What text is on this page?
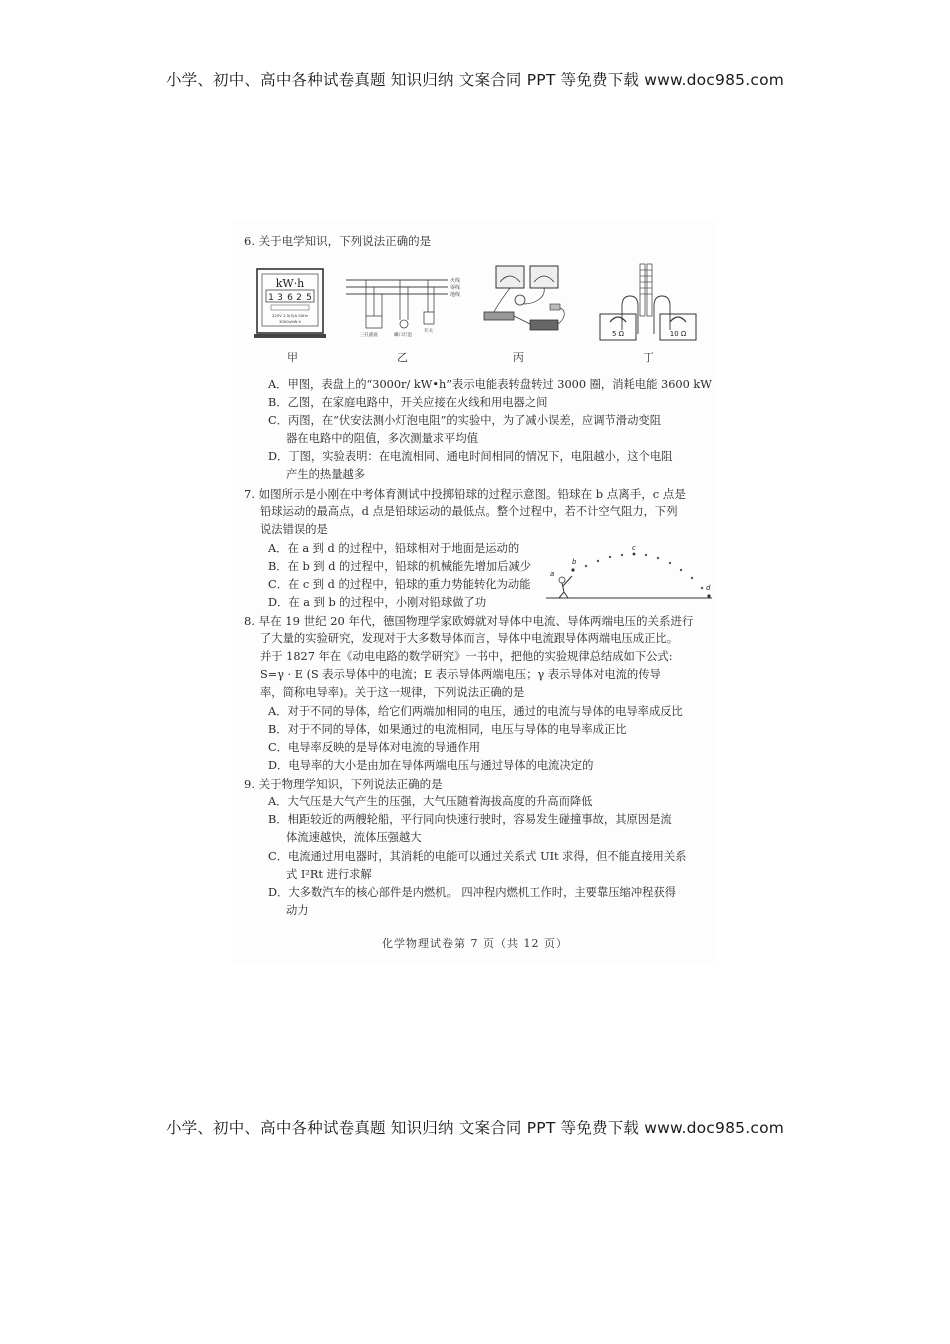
小学、初中、高中各种试卷真题 知识归纳 文案合同 PPT 等免费下载 www.doc985.com
6. 关于电学知识，下列说法正确的是
kW·h
1 3 6 2 5
220V 2.5(5)A 50Hz
3000r/kW·h
火线
零线
地线
三孔插座	螺口灯泡
开关	5 Ω	10 Ω
甲	乙	丙	丁
A．甲图，表盘上的“3000r/ kW•h”表示电能表转盘转过 3000 圈，消耗电能 3600 kW
B．乙图，在家庭电路中，开关应接在火线和用电器之间
C．丙图，在“伏安法测小灯泡电阻”的实验中，为了减小误差，应调节滑动变阻
器在电路中的阻值，多次测量求平均值
D．丁图，实验表明：在电流相同、通电时间相同的情况下，电阻越小，这个电阻
产生的热量越多
7. 如图所示是小刚在中考体育测试中投掷铅球的过程示意图。铅球在 b 点离手，c 点是
铅球运动的最高点，d 点是铅球运动的最低点。整个过程中，若不计空气阻力，下列
说法错误的是
A．在 a 到 d 的过程中，铅球相对于地面是运动的
B．在 b 到 d 的过程中，铅球的机械能先增加后减少
C．在 c 到 d 的过程中，铅球的重力势能转化为动能
D．在 a 到 b 的过程中，小刚对铅球做了功
a
b
c
d
8. 早在 19 世纪 20 年代，德国物理学家欧姆就对导体中电流、导体两端电压的关系进行
了大量的实验研究，发现对于大多数导体而言，导体中电流跟导体两端电压成正比。
并于 1827 年在《动电电路的数学研究》一书中，把他的实验规律总结成如下公式:
S=γ · E (S 表示导体中的电流；E 表示导体两端电压；γ 表示导体对电流的传导
率，简称电导率)。关于这一规律，下列说法正确的是
A．对于不同的导体，给它们两端加相同的电压，通过的电流与导体的电导率成反比
B．对于不同的导体，如果通过的电流相同，电压与导体的电导率成正比
C．电导率反映的是导体对电流的导通作用
D．电导率的大小是由加在导体两端电压与通过导体的电流决定的
9. 关于物理学知识，下列说法正确的是
A．大气压是大气产生的压强，大气压随着海拔高度的升高而降低
B．相距较近的两艘轮船，平行同向快速行驶时，容易发生碰撞事故，其原因是流
体流速越快，流体压强越大
C．电流通过用电器时，其消耗的电能可以通过关系式 UIt 求得，但不能直接用关系
式 I²Rt 进行求解
D．大多数汽车的核心部件是内燃机。 四冲程内燃机工作时，主要靠压缩冲程获得
动力
化学物理试卷第 7 页（共 12 页）
小学、初中、高中各种试卷真题 知识归纳 文案合同 PPT 等免费下载 www.doc985.com
